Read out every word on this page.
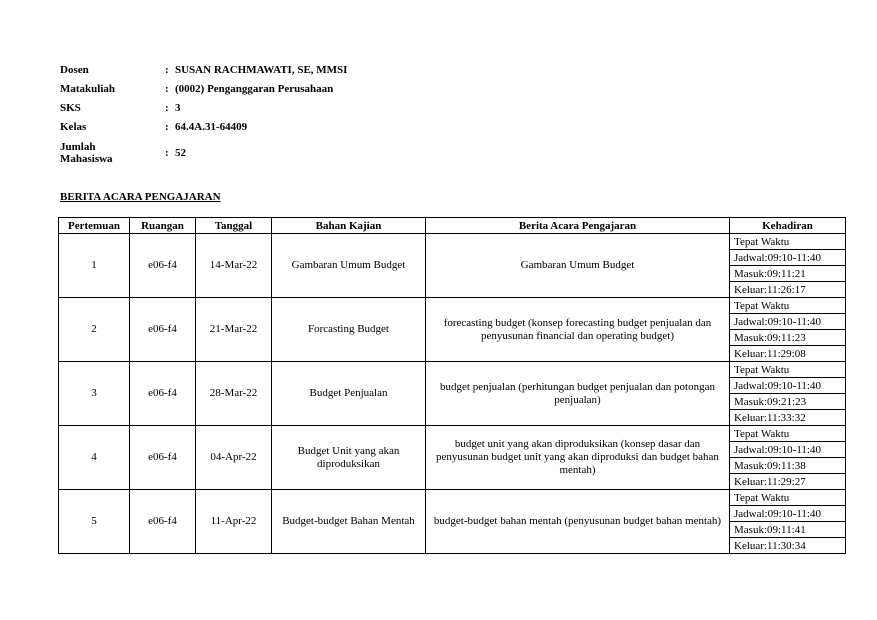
Dosen	: SUSAN RACHMAWATI, SE, MMSI
Matakuliah	: (0002) Penganggaran Perusahaan
SKS	: 3
Kelas	: 64.4A.31-64409
Jumlah Mahasiswa	: 52
BERITA ACARA PENGAJARAN
Pertemuan	Ruangan	Tanggal	Bahan Kajian	Berita Acara Pengajaran	Kehadiran
1	e06-f4	14-Mar-22	Gambaran Umum Budget	Gambaran Umum Budget	Tepat Waktu
					Jadwal:09:10-11:40
					Masuk:09:11:21
					Keluar:11:26:17
2	e06-f4	21-Mar-22	Forcasting Budget	forecasting budget (konsep forecasting budget penjualan dan penyusunan financial dan operating budget)	Tepat Waktu
					Jadwal:09:10-11:40
					Masuk:09:11:23
					Keluar:11:29:08
3	e06-f4	28-Mar-22	Budget Penjualan	budget penjualan (perhitungan budget penjualan dan potongan penjualan)	Tepat Waktu
					Jadwal:09:10-11:40
					Masuk:09:21:23
					Keluar:11:33:32
4	e06-f4	04-Apr-22	Budget Unit yang akan diproduksikan	budget unit yang akan diproduksikan (konsep dasar dan penyusunan budget unit yang akan diproduksi dan budget bahan mentah)	Tepat Waktu
					Jadwal:09:10-11:40
					Masuk:09:11:38
					Keluar:11:29:27
5	e06-f4	11-Apr-22	Budget-budget Bahan Mentah	budget-budget bahan mentah (penyusunan budget bahan mentah)	Tepat Waktu
					Jadwal:09:10-11:40
					Masuk:09:11:41
					Keluar:11:30:34
